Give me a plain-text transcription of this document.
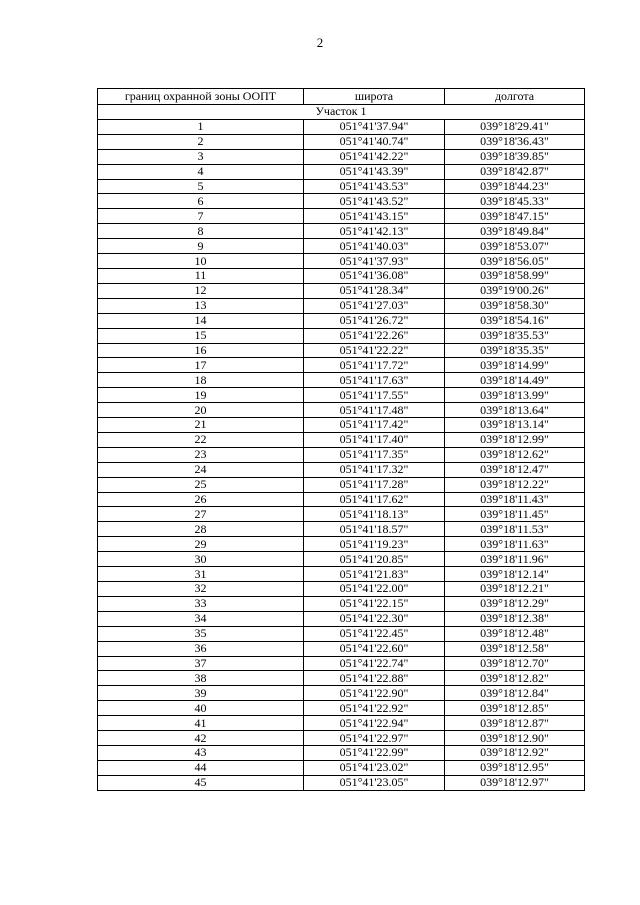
2
границ охранной зоны ООПТ	широта	долгота
Участок 1		
1	051°41'37.94"	039°18'29.41"
2	051°41'40.74"	039°18'36.43"
3	051°41'42.22"	039°18'39.85"
4	051°41'43.39"	039°18'42.87"
5	051°41'43.53"	039°18'44.23"
6	051°41'43.52"	039°18'45.33"
7	051°41'43.15"	039°18'47.15"
8	051°41'42.13"	039°18'49.84"
9	051°41'40.03"	039°18'53.07"
10	051°41'37.93"	039°18'56.05"
11	051°41'36.08"	039°18'58.99"
12	051°41'28.34"	039°19'00.26"
13	051°41'27.03"	039°18'58.30"
14	051°41'26.72"	039°18'54.16"
15	051°41'22.26"	039°18'35.53"
16	051°41'22.22"	039°18'35.35"
17	051°41'17.72"	039°18'14.99"
18	051°41'17.63"	039°18'14.49"
19	051°41'17.55"	039°18'13.99"
20	051°41'17.48"	039°18'13.64"
21	051°41'17.42"	039°18'13.14"
22	051°41'17.40"	039°18'12.99"
23	051°41'17.35"	039°18'12.62"
24	051°41'17.32"	039°18'12.47"
25	051°41'17.28"	039°18'12.22"
26	051°41'17.62"	039°18'11.43"
27	051°41'18.13"	039°18'11.45"
28	051°41'18.57"	039°18'11.53"
29	051°41'19.23"	039°18'11.63"
30	051°41'20.85"	039°18'11.96"
31	051°41'21.83"	039°18'12.14"
32	051°41'22.00"	039°18'12.21"
33	051°41'22.15"	039°18'12.29"
34	051°41'22.30"	039°18'12.38"
35	051°41'22.45"	039°18'12.48"
36	051°41'22.60"	039°18'12.58"
37	051°41'22.74"	039°18'12.70"
38	051°41'22.88"	039°18'12.82"
39	051°41'22.90"	039°18'12.84"
40	051°41'22.92"	039°18'12.85"
41	051°41'22.94"	039°18'12.87"
42	051°41'22.97"	039°18'12.90"
43	051°41'22.99"	039°18'12.92"
44	051°41'23.02"	039°18'12.95"
45	051°41'23.05"	039°18'12.97"
